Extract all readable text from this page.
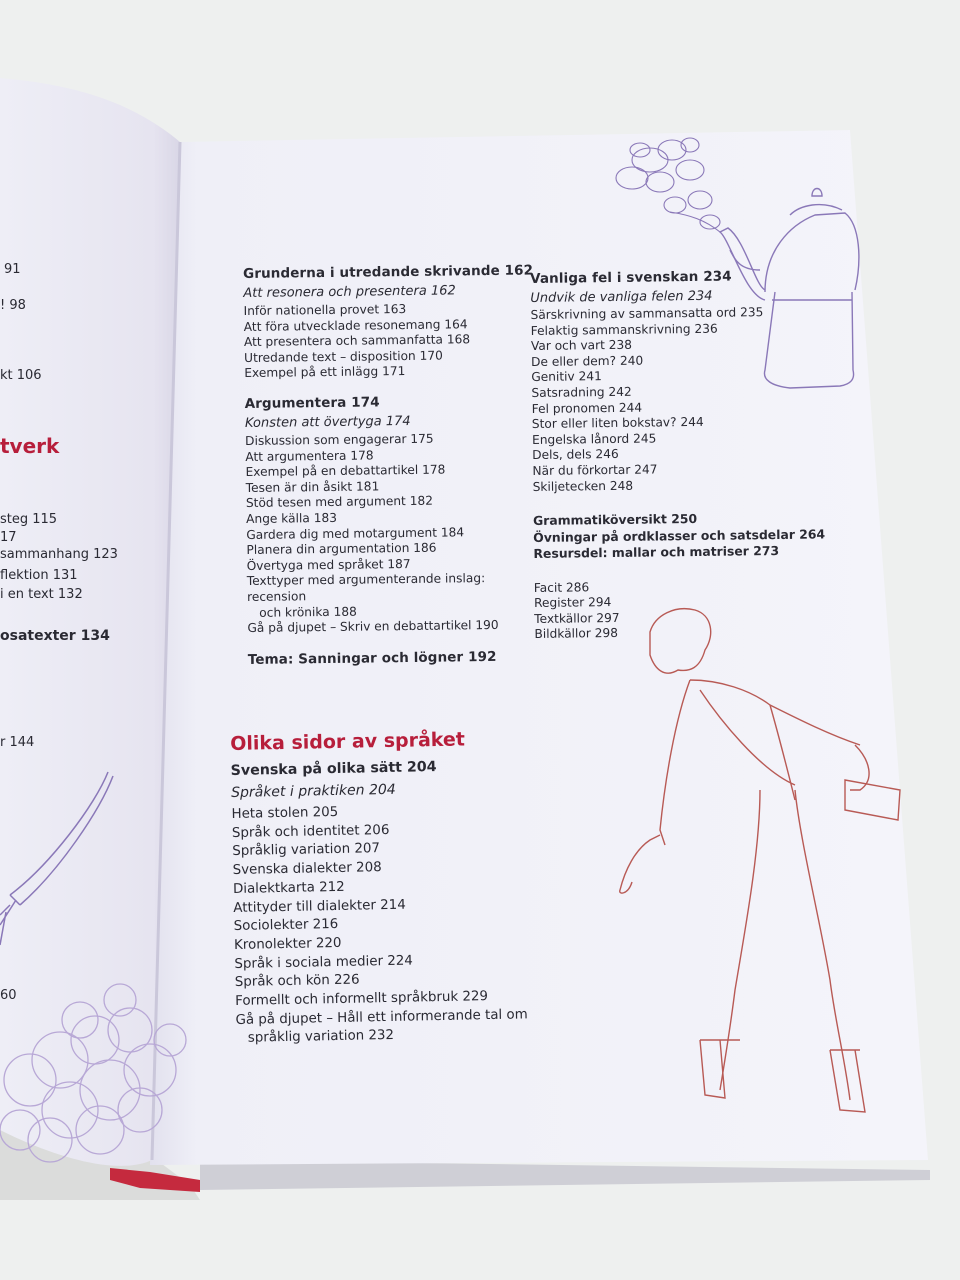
91
! 98
kt 106
tverk
steg 115
17
sammanhang 123
flektion 131
i en text 132
osatexter 134
r 144
60
Grunderna i utredande skrivande 162
Att resonera och presentera 162
Inför nationella provet 163
Att föra utvecklade resonemang 164
Att presentera och sammanfatta 168
Utredande text – disposition 170
Exempel på ett inlägg 171
Argumentera 174
Konsten att övertyga 174
Diskussion som engagerar 175
Att argumentera 178
Exempel på en debattartikel 178
Tesen är din åsikt 181
Stöd tesen med argument 182
Ange källa 183
Gardera dig med motargument 184
Planera din argumentation 186
Övertyga med språket 187
Texttyper med argumenterande inslag: recension
och krönika 188
Gå på djupet – Skriv en debattartikel 190
Tema: Sanningar och lögner 192
Vanliga fel i svenskan 234
Undvik de vanliga felen 234
Särskrivning av sammansatta ord 235
Felaktig sammanskrivning 236
Var och vart 238
De eller dem? 240
Genitiv 241
Satsradning 242
Fel pronomen 244
Stor eller liten bokstav? 244
Engelska lånord 245
Dels, dels 246
När du förkortar 247
Skiljetecken 248
Grammatiköversikt 250
Övningar på ordklasser och satsdelar 264
Resursdel: mallar och matriser 273
Facit 286
Register 294
Textkällor 297
Bildkällor 298
Olika sidor av språket
Svenska på olika sätt 204
Språket i praktiken 204
Heta stolen 205
Språk och identitet 206
Språklig variation 207
Svenska dialekter 208
Dialektkarta 212
Attityder till dialekter 214
Sociolekter 216
Kronolekter 220
Språk i sociala medier 224
Språk och kön 226
Formellt och informellt språkbruk 229
Gå på djupet – Håll ett informerande tal om
språklig variation 232
